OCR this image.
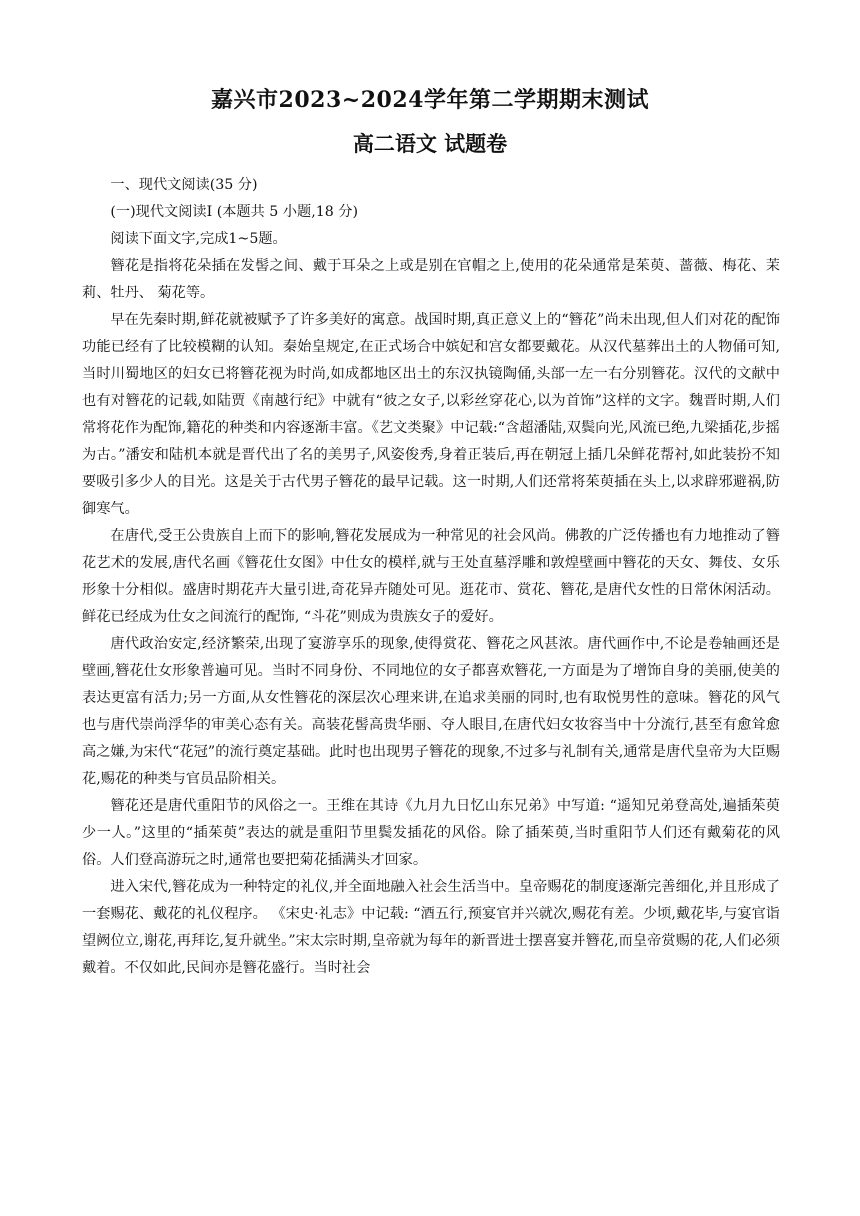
嘉兴市2023~2024学年第二学期期末测试
高二语文 试题卷

一、现代文阅读(35 分)

(一)现代文阅读Ⅰ (本题共 5 小题,18 分)

阅读下面文字,完成1~5题。

簪花是指将花朵插在发髻之间、戴于耳朵之上或是别在官帽之上,使用的花朵通常是茱萸、蔷薇、梅花、茉莉、牡丹、 菊花等。

早在先秦时期,鲜花就被赋予了许多美好的寓意。战国时期,真正意义上的“簪花”尚未出现,但人们对花的配饰功能已经有了比较模糊的认知。秦始皇规定,在正式场合中嫔妃和宫女都要戴花。从汉代墓葬出土的人物俑可知,当时川蜀地区的妇女已将簪花视为时尚,如成都地区出土的东汉执镜陶俑,头部一左一右分别簪花。汉代的文献中也有对簪花的记载,如陆贾《南越行纪》中就有“彼之女子,以彩丝穿花心,以为首饰”这样的文字。魏晋时期,人们常将花作为配饰,籍花的种类和内容逐渐丰富。《艺文类聚》中记载:“含超潘陆,双鬓向光,风流已绝,九梁插花,步摇为古。”潘安和陆机本就是晋代出了名的美男子,风姿俊秀,身着正装后,再在朝冠上插几朵鲜花帮衬,如此装扮不知要吸引多少人的目光。这是关于古代男子簪花的最早记载。这一时期,人们还常将茱萸插在头上,以求辟邪避祸,防御寒气。

在唐代,受王公贵族自上而下的影响,簪花发展成为一种常见的社会风尚。佛教的广泛传播也有力地推动了簪花艺术的发展,唐代名画《簪花仕女图》中仕女的模样,就与王处直墓浮雕和敦煌壁画中簪花的天女、舞伎、女乐形象十分相似。盛唐时期花卉大量引进,奇花异卉随处可见。逛花市、赏花、簪花,是唐代女性的日常休闲活动。鲜花已经成为仕女之间流行的配饰, “斗花”则成为贵族女子的爱好。

唐代政治安定,经济繁荣,出现了宴游享乐的现象,使得赏花、簪花之风甚浓。唐代画作中,不论是卷轴画还是壁画,簪花仕女形象普遍可见。当时不同身份、不同地位的女子都喜欢簪花,一方面是为了增饰自身的美丽,使美的表达更富有活力;另一方面,从女性簪花的深层次心理来讲,在追求美丽的同时,也有取悦男性的意味。簪花的风气也与唐代崇尚浮华的审美心态有关。高装花髻高贵华丽、夺人眼目,在唐代妇女妆容当中十分流行,甚至有愈耸愈高之嫌,为宋代“花冠”的流行奠定基础。此时也出现男子簪花的现象,不过多与礼制有关,通常是唐代皇帝为大臣赐花,赐花的种类与官员品阶相关。

簪花还是唐代重阳节的风俗之一。王维在其诗《九月九日忆山东兄弟》中写道: “遥知兄弟登高处,遍插茱萸少一人。”这里的“插茱萸”表达的就是重阳节里鬓发插花的风俗。除了插茱萸,当时重阳节人们还有戴菊花的风俗。人们登高游玩之时,通常也要把菊花插满头才回家。

进入宋代,簪花成为一种特定的礼仪,并全面地融入社会生活当中。皇帝赐花的制度逐渐完善细化,并且形成了一套赐花、戴花的礼仪程序。 《宋史·礼志》中记载: “酒五行,预宴官并兴就次,赐花有差。少顷,戴花毕,与宴官诣望阙位立,谢花,再拜讫,复升就坐。”宋太宗时期,皇帝就为每年的新晋进士摆喜宴并簪花,而皇帝赏赐的花,人们必须戴着。不仅如此,民间亦是簪花盛行。当时社会
